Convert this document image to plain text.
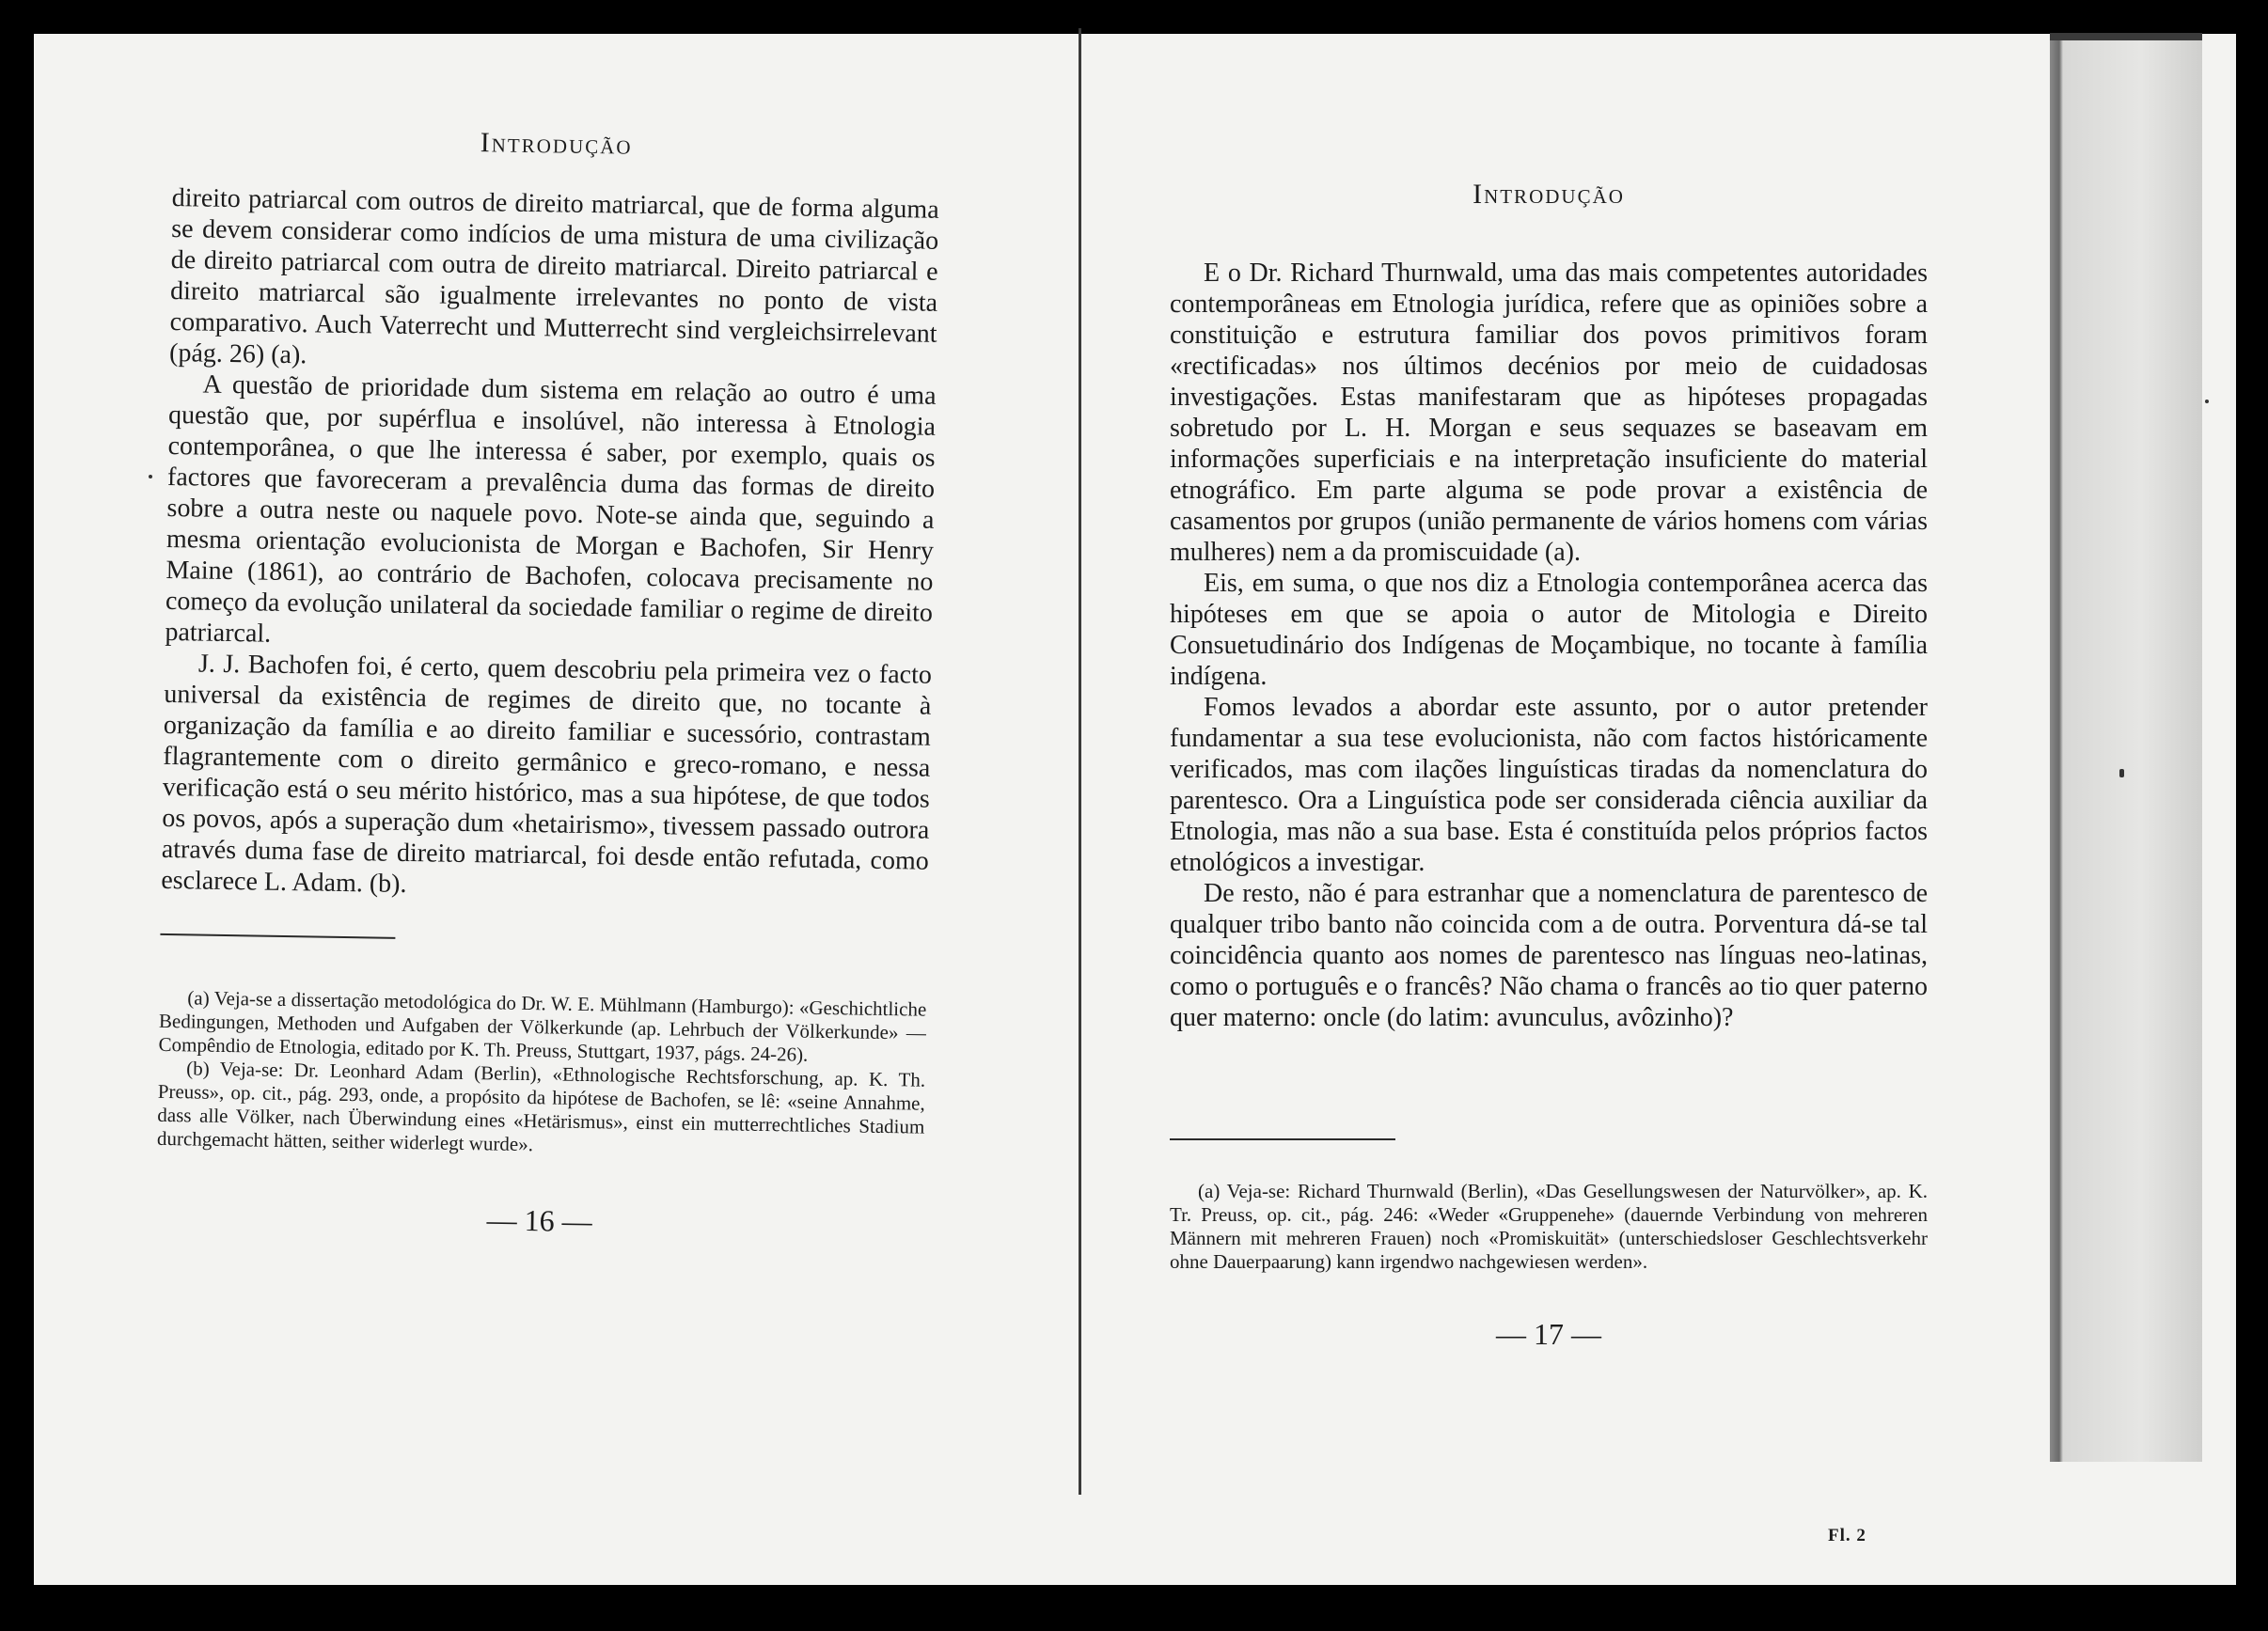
Introdução

direito patriarcal com outros de direito matriarcal, que de forma alguma se devem considerar como indícios de uma mistura de uma civilização de direito patriarcal com outra de direito matriarcal. Direito patriarcal e direito matriarcal são igualmente irrelevantes no ponto de vista comparativo. Auch Vaterrecht und Mutterrecht sind vergleichsirrelevant (pág. 26) (a).

A questão de prioridade dum sistema em relação ao outro é uma questão que, por supérflua e insolúvel, não interessa à Etnologia contemporânea, o que lhe interessa é saber, por exemplo, quais os factores que favoreceram a prevalência duma das formas de direito sobre a outra neste ou naquele povo. Note-se ainda que, seguindo a mesma orientação evolucionista de Morgan e Bachofen, Sir Henry Maine (1861), ao contrário de Bachofen, colocava precisamente no começo da evolução unilateral da sociedade familiar o regime de direito patriarcal.

J. J. Bachofen foi, é certo, quem descobriu pela primeira vez o facto universal da existência de regimes de direito que, no tocante à organização da família e ao direito familiar e sucessório, contrastam flagrantemente com o direito germânico e greco-romano, e nessa verificação está o seu mérito histórico, mas a sua hipótese, de que todos os povos, após a superação dum «hetairismo», tivessem passado outrora através duma fase de direito matriarcal, foi desde então refutada, como esclarece L. Adam. (b).

(a) Veja-se a dissertação metodológica do Dr. W. E. Mühlmann (Hamburgo): «Geschichtliche Bedingungen, Methoden und Aufgaben der Völkerkunde (ap. Lehrbuch der Völkerkunde» — Compêndio de Etnologia, editado por K. Th. Preuss, Stuttgart, 1937, págs. 24-26).

(b) Veja-se: Dr. Leonhard Adam (Berlin), «Ethnologische Rechtsforschung, ap. K. Th. Preuss», op. cit., pág. 293, onde, a propósito da hipótese de Bachofen, se lê: «seine Annahme, dass alle Völker, nach Überwindung eines «Hetärismus», einst ein mutterrechtliches Stadium durchgemacht hätten, seither widerlegt wurde».

— 16 —
Introdução

E o Dr. Richard Thurnwald, uma das mais competentes autoridades contemporâneas em Etnologia jurídica, refere que as opiniões sobre a constituição e estrutura familiar dos povos primitivos foram «rectificadas» nos últimos decénios por meio de cuidadosas investigações. Estas manifestaram que as hipóteses propagadas sobretudo por L. H. Morgan e seus sequazes se baseavam em informações superficiais e na interpretação insuficiente do material etnográfico. Em parte alguma se pode provar a existência de casamentos por grupos (união permanente de vários homens com várias mulheres) nem a da promiscuidade (a).

Eis, em suma, o que nos diz a Etnologia contemporânea acerca das hipóteses em que se apoia o autor de Mitologia e Direito Consuetudinário dos Indígenas de Moçambique, no tocante à família indígena.

Fomos levados a abordar este assunto, por o autor pretender fundamentar a sua tese evolucionista, não com factos históricamente verificados, mas com ilações linguísticas tiradas da nomenclatura do parentesco. Ora a Linguística pode ser considerada ciência auxiliar da Etnologia, mas não a sua base. Esta é constituída pelos próprios factos etnológicos a investigar.

De resto, não é para estranhar que a nomenclatura de parentesco de qualquer tribo banto não coincida com a de outra. Porventura dá-se tal coincidência quanto aos nomes de parentesco nas línguas neo-latinas, como o português e o francês? Não chama o francês ao tio quer paterno quer materno: oncle (do latim: avunculus, avôzinho)?

(a) Veja-se: Richard Thurnwald (Berlin), «Das Gesellungswesen der Naturvölker», ap. K. Tr. Preuss, op. cit., pág. 246: «Weder «Gruppenehe» (dauernde Verbindung von mehreren Männern mit mehreren Frauen) noch «Promiskuität» (unterschiedsloser Geschlechtsverkehr ohne Dauerpaarung) kann irgendwo nachgewiesen werden».

— 17 —
Fl. 2
